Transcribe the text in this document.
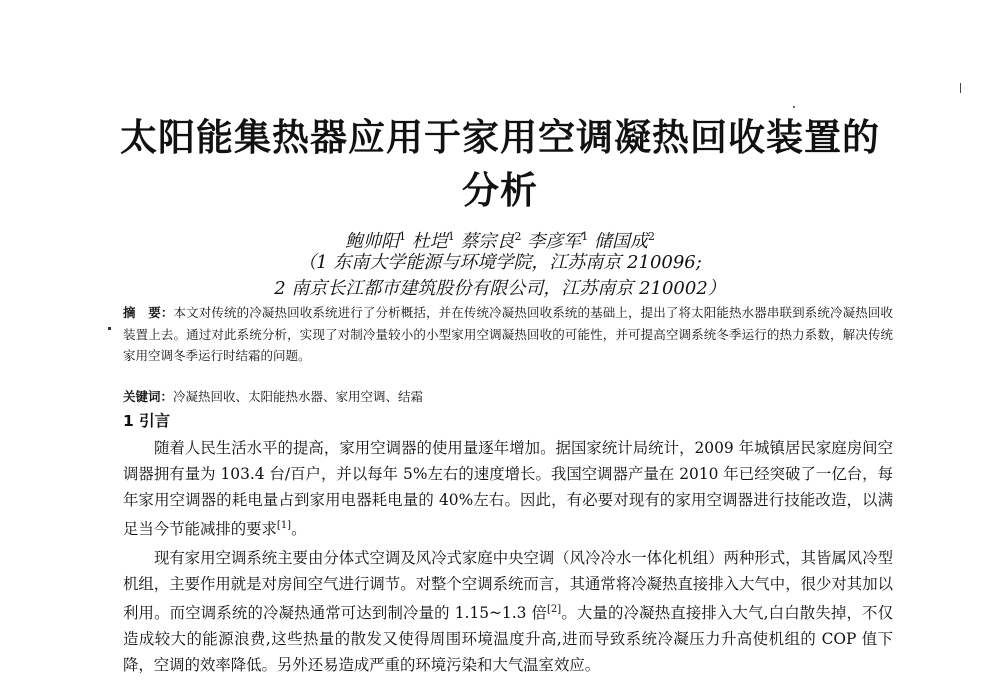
太阳能集热器应用于家用空调凝热回收装置的
分析

鲍帅阳$^1$ 杜垲$^1$ 蔡宗良$^2$ 李彦军$^1$ 储国成$^2$

（1 东南大学能源与环境学院，江苏南京 210096;

2 南京长江都市建筑股份有限公司，江苏南京 210002）

摘　要：本文对传统的冷凝热回收系统进行了分析概括，并在传统冷凝热回收系统的基础上，提出了将太阳能热水器串联到系统冷凝热回收装置上去。通过对此系统分析，实现了对制冷量较小的小型家用空调凝热回收的可能性，并可提高空调系统冬季运行的热力系数，解决传统家用空调冬季运行时结霜的问题。

关键词：冷凝热回收、太阳能热水器、家用空调、结霜

1 引言

随着人民生活水平的提高，家用空调器的使用量逐年增加。据国家统计局统计，2009 年城镇居民家庭房间空调器拥有量为 103.4 台/百户，并以每年 5%左右的速度增长。我国空调器产量在 2010 年已经突破了一亿台，每年家用空调器的耗电量占到家用电器耗电量的 40%左右。因此，有必要对现有的家用空调器进行技能改造，以满足当今节能减排的要求[1]。

现有家用空调系统主要由分体式空调及风冷式家庭中央空调（风冷冷水一体化机组）两种形式，其皆属风冷型机组，主要作用就是对房间空气进行调节。对整个空调系统而言，其通常将冷凝热直接排入大气中，很少对其加以利用。而空调系统的冷凝热通常可达到制冷量的 1.15~1.3 倍[2]。大量的冷凝热直接排入大气,白白散失掉，不仅造成较大的能源浪费,这些热量的散发又使得周围环境温度升高,进而导致系统冷凝压力升高使机组的 COP 值下降，空调的效率降低。另外还易造成严重的环境污染和大气温室效应。
